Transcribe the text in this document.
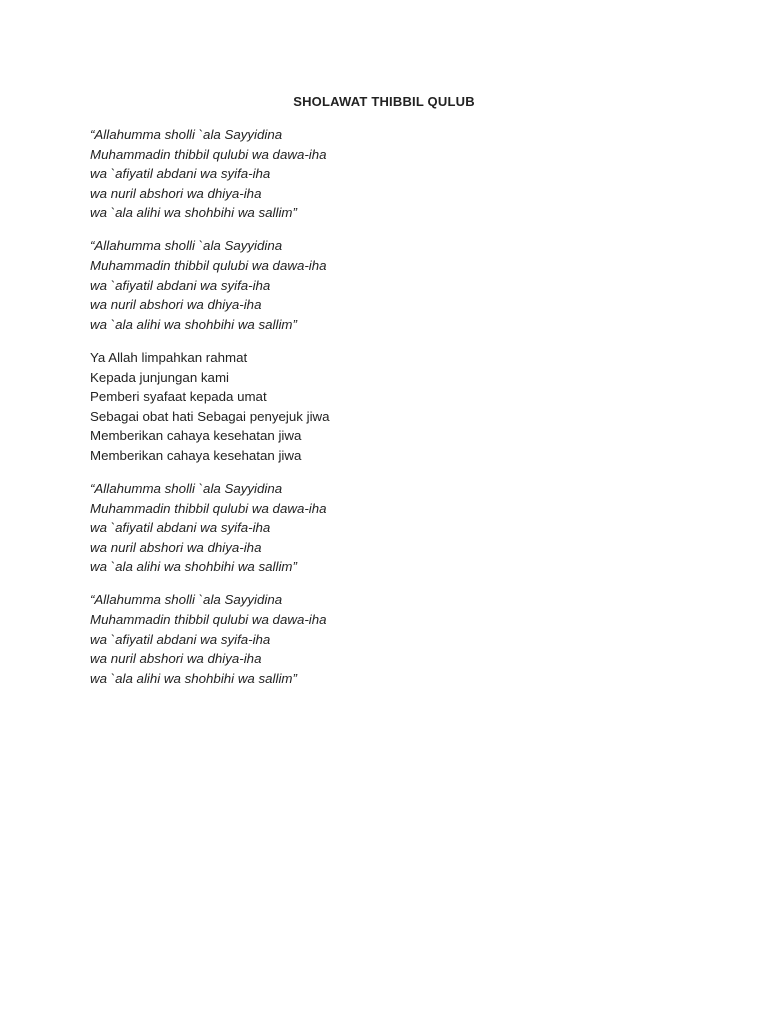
SHOLAWAT THIBBIL QULUB
“Allahumma sholli `ala Sayyidina
Muhammadin thibbil qulubi wa dawa-iha
wa `afiyatil abdani wa syifa-iha
wa nuril abshori wa dhiya-iha
wa `ala alihi wa shohbihi wa sallim”
“Allahumma sholli `ala Sayyidina
Muhammadin thibbil qulubi wa dawa-iha
wa `afiyatil abdani wa syifa-iha
wa nuril abshori wa dhiya-iha
wa `ala alihi wa shohbihi wa sallim”
Ya Allah limpahkan rahmat
Kepada junjungan kami
Pemberi syafaat kepada umat
Sebagai obat hati Sebagai penyejuk jiwa
Memberikan cahaya kesehatan jiwa
Memberikan cahaya kesehatan jiwa
“Allahumma sholli `ala Sayyidina
Muhammadin thibbil qulubi wa dawa-iha
wa `afiyatil abdani wa syifa-iha
wa nuril abshori wa dhiya-iha
wa `ala alihi wa shohbihi wa sallim”
“Allahumma sholli `ala Sayyidina
Muhammadin thibbil qulubi wa dawa-iha
wa `afiyatil abdani wa syifa-iha
wa nuril abshori wa dhiya-iha
wa `ala alihi wa shohbihi wa sallim”
